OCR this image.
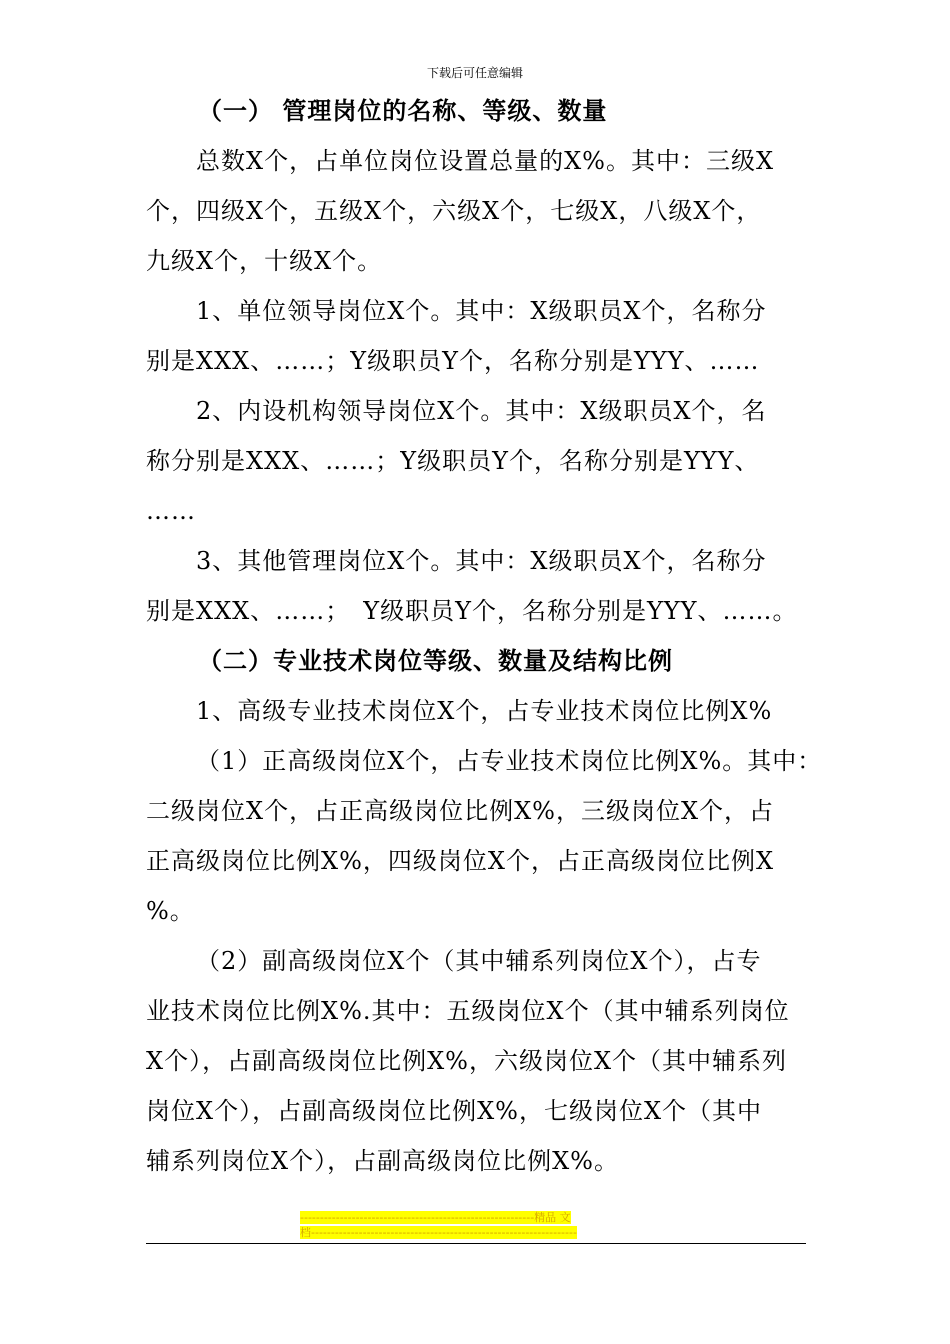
下载后可任意编辑
（一） 管理岗位的名称、等级、数量
总数X个，占单位岗位设置总量的X%。其中：三级X
个，四级X个，五级X个，六级X个，七级X，八级X个，
九级X个，十级X个。
1、单位领导岗位X个。其中：X级职员X个，名称分
别是XXX、……；Y级职员Y个，名称分别是YYY、……
2、内设机构领导岗位X个。其中：X级职员X个，名
称分别是XXX、……；Y级职员Y个，名称分别是YYY、
……
3、其他管理岗位X个。其中：X级职员X个，名称分
别是XXX、……；　Y级职员Y个，名称分别是YYY、……。
（二）专业技术岗位等级、数量及结构比例
1、高级专业技术岗位X个，占专业技术岗位比例X%
（1）正高级岗位X个，占专业技术岗位比例X%。其中：
二级岗位X个，占正高级岗位比例X%，三级岗位X个，占
正高级岗位比例X%，四级岗位X个，占正高级岗位比例X
%。
（2）副高级岗位X个（其中辅系列岗位X个），占专
业技术岗位比例X%.其中：五级岗位X个（其中辅系列岗位
X个），占副高级岗位比例X%，六级岗位X个（其中辅系列
岗位X个），占副高级岗位比例X%，七级岗位X个（其中
辅系列岗位X个），占副高级岗位比例X%。
-----------------------------------------------------------精品 文
档-------------------------------------------------------------------
